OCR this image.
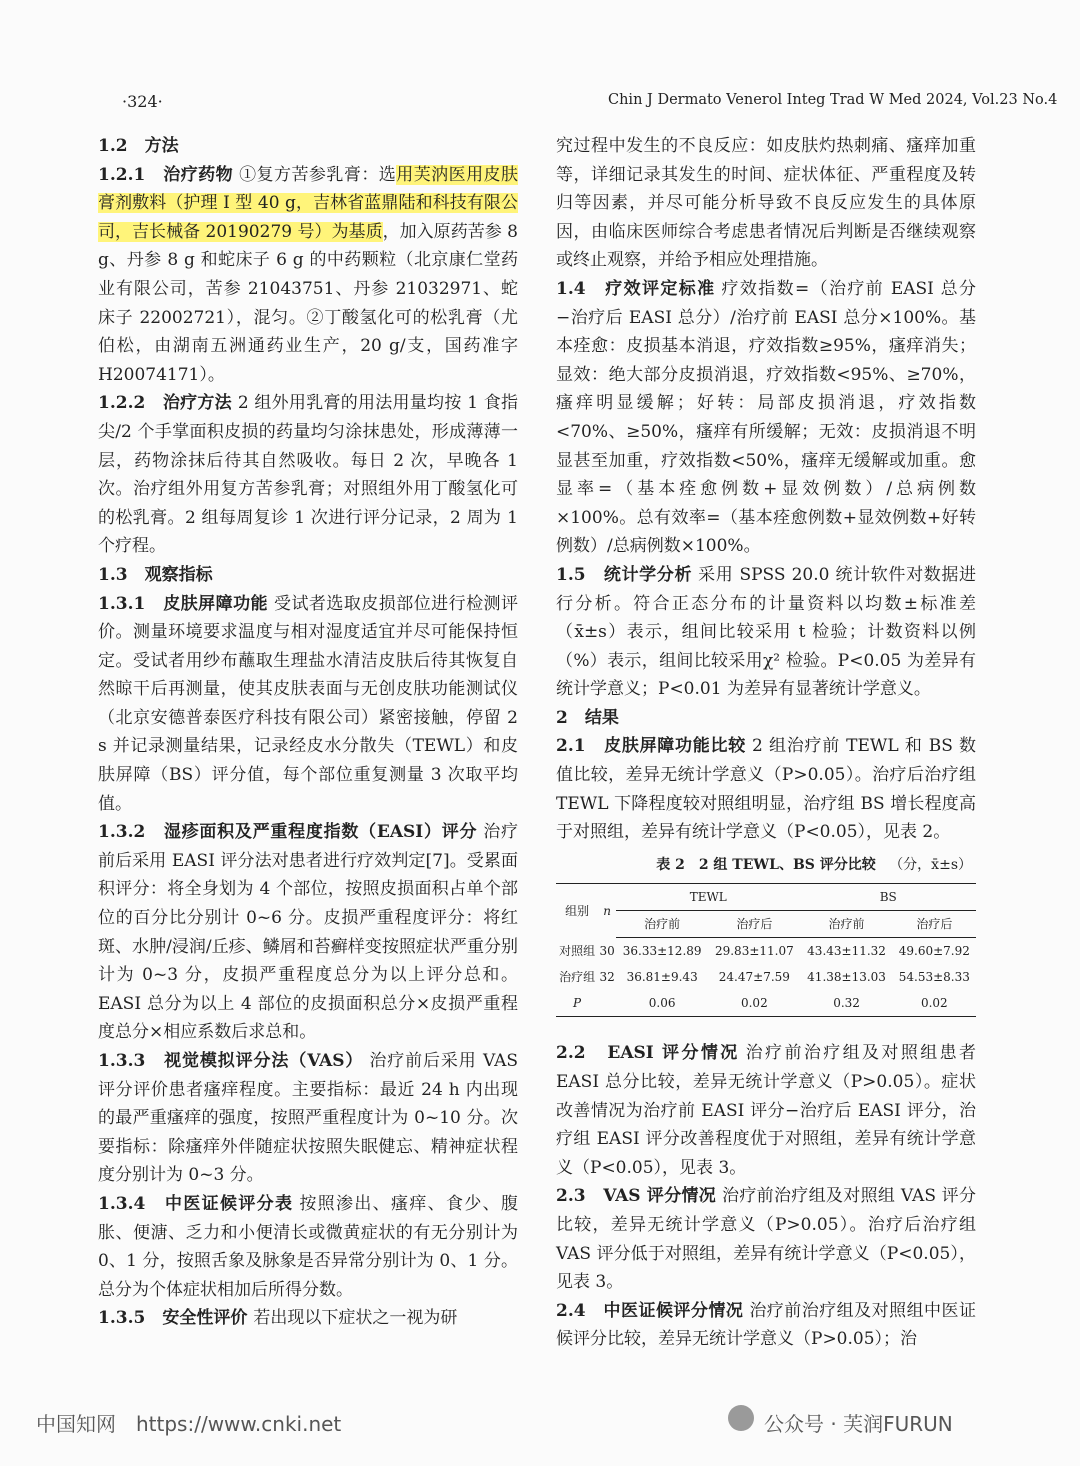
·324·	Chin J Dermato Venerol Integ Trad W Med 2024, Vol.23 No.4

1.2　方法

1.2.1　治疗药物 ①复方苦参乳膏：选用芙汭医用皮肤膏剂敷料（护理 I 型 40 g，吉林省蓝鼎陆和科技有限公司，吉长械备 20190279 号）为基质，加入原药苦参 8 g、丹参 8 g 和蛇床子 6 g 的中药颗粒（北京康仁堂药业有限公司，苦参 21043751、丹参 21032971、蛇床子 22002721），混匀。②丁酸氢化可的松乳膏（尤伯松，由湖南五洲通药业生产，20 g/支，国药准字 H20074171）。

1.2.2　治疗方法 2 组外用乳膏的用法用量均按 1 食指尖/2 个手掌面积皮损的药量均匀涂抹患处，形成薄薄一层，药物涂抹后待其自然吸收。每日 2 次，早晚各 1 次。治疗组外用复方苦参乳膏；对照组外用丁酸氢化可的松乳膏。2 组每周复诊 1 次进行评分记录，2 周为 1 个疗程。

1.3　观察指标

1.3.1　皮肤屏障功能 受试者选取皮损部位进行检测评价。测量环境要求温度与相对湿度适宜并尽可能保持恒定。受试者用纱布蘸取生理盐水清洁皮肤后待其恢复自然晾干后再测量，使其皮肤表面与无创皮肤功能测试仪（北京安德普泰医疗科技有限公司）紧密接触，停留 2 s 并记录测量结果，记录经皮水分散失（TEWL）和皮肤屏障（BS）评分值，每个部位重复测量 3 次取平均值。

1.3.2　湿疹面积及严重程度指数（EASI）评分 治疗前后采用 EASI 评分法对患者进行疗效判定[7]。受累面积评分：将全身划为 4 个部位，按照皮损面积占单个部位的百分比分别计 0~6 分。皮损严重程度评分：将红斑、水肿/浸润/丘疹、鳞屑和苔癣样变按照症状严重分别计为 0~3 分，皮损严重程度总分为以上评分总和。EASI 总分为以上 4 部位的皮损面积总分×皮损严重程度总分×相应系数后求总和。

1.3.3　视觉模拟评分法（VAS） 治疗前后采用 VAS 评分评价患者瘙痒程度。主要指标：最近 24 h 内出现的最严重瘙痒的强度，按照严重程度计为 0~10 分。次要指标：除瘙痒外伴随症状按照失眠健忘、精神症状程度分别计为 0~3 分。

1.3.4　中医证候评分表 按照渗出、瘙痒、食少、腹胀、便溏、乏力和小便清长或微黄症状的有无分别计为 0、1 分，按照舌象及脉象是否异常分别计为 0、1 分。总分为个体症状相加后所得分数。

1.3.5　安全性评价 若出现以下症状之一视为研

究过程中发生的不良反应：如皮肤灼热刺痛、瘙痒加重等，详细记录其发生的时间、症状体征、严重程度及转归等因素，并尽可能分析导致不良反应发生的具体原因，由临床医师综合考虑患者情况后判断是否继续观察或终止观察，并给予相应处理措施。

1.4　疗效评定标准 疗效指数=（治疗前 EASI 总分−治疗后 EASI 总分）/治疗前 EASI 总分×100%。基本痊愈：皮损基本消退，疗效指数≥95%，瘙痒消失；显效：绝大部分皮损消退，疗效指数<95%、≥70%，瘙痒明显缓解；好转：局部皮损消退，疗效指数<70%、≥50%，瘙痒有所缓解；无效：皮损消退不明显甚至加重，疗效指数<50%，瘙痒无缓解或加重。愈显率=（基本痊愈例数+显效例数）/总病例数×100%。总有效率=（基本痊愈例数+显效例数+好转例数）/总病例数×100%。

1.5　统计学分析 采用 SPSS 20.0 统计软件对数据进行分析。符合正态分布的计量资料以均数±标准差（x̄±s）表示，组间比较采用 t 检验；计数资料以例（%）表示，组间比较采用χ² 检验。P<0.05 为差异有统计学意义；P<0.01 为差异有显著统计学意义。

2　结果

2.1　皮肤屏障功能比较 2 组治疗前 TEWL 和 BS 数值比较，差异无统计学意义（P>0.05）。治疗后治疗组 TEWL 下降程度较对照组明显，治疗组 BS 增长程度高于对照组，差异有统计学意义（P<0.05），见表 2。

表 2　2 组 TEWL、BS 评分比较 （分，x̄±s）
组别	n	TEWL		BS	
		治疗前	治疗后	治疗前	治疗后
对照组	30	36.33±12.89	29.83±11.07	43.43±11.32	49.60±7.92
治疗组	32	36.81±9.43	24.47±7.59	41.38±13.03	54.53±8.33
P		0.06	0.02	0.32	0.02

2.2　EASI 评分情况 治疗前治疗组及对照组患者 EASI 总分比较，差异无统计学意义（P>0.05）。症状改善情况为治疗前 EASI 评分−治疗后 EASI 评分，治疗组 EASI 评分改善程度优于对照组，差异有统计学意义（P<0.05），见表 3。

2.3　VAS 评分情况 治疗前治疗组及对照组 VAS 评分比较，差异无统计学意义（P>0.05）。治疗后治疗组 VAS 评分低于对照组，差异有统计学意义（P<0.05），见表 3。

2.4　中医证候评分情况 治疗前治疗组及对照组中医证候评分比较，差异无统计学意义（P>0.05）；治

中国知网　https://www.cnki.net	公众号 · 芙润FURUN
